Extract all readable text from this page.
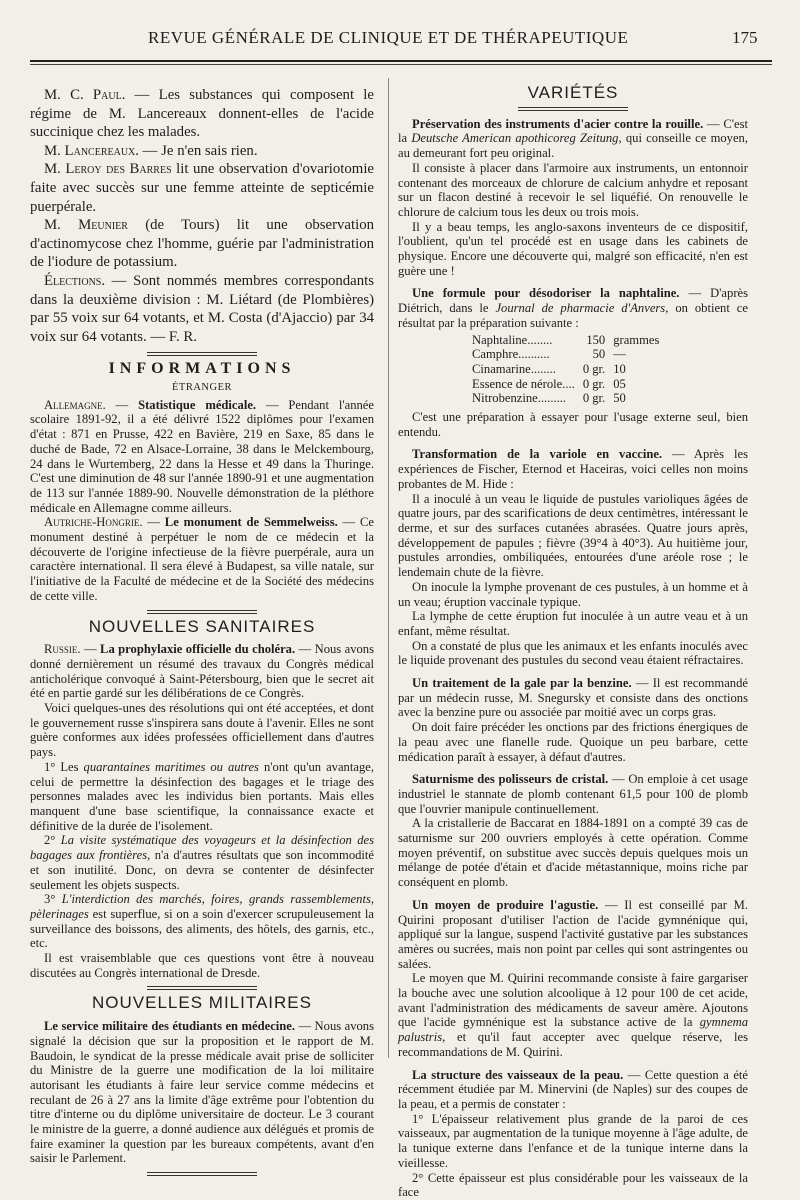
REVUE GÉNÉRALE DE CLINIQUE ET DE THÉRAPEUTIQUE	175

M. C. Paul. — Les substances qui composent le régime de M. Lancereaux donnent-elles de l'acide succinique chez les malades.

M. Lancereaux. — Je n'en sais rien.

M. Leroy des Barres lit une observation d'ovariotomie faite avec succès sur une femme atteinte de septicémie puerpérale.

M. Meunier (de Tours) lit une observation d'actinomycose chez l'homme, guérie par l'administration de l'iodure de potassium.

Élections. — Sont nommés membres correspondants dans la deuxième division : M. Liétard (de Plombières) par 55 voix sur 64 votants, et M. Costa (d'Ajaccio) par 34 voix sur 64 votants. — F. R.

INFORMATIONS
ÉTRANGER

Allemagne. — Statistique médicale. — Pendant l'année scolaire 1891-92, il a été délivré 1522 diplômes pour l'examen d'état : 871 en Prusse, 422 en Bavière, 219 en Saxe, 85 dans le duché de Bade, 72 en Alsace-Lorraine, 38 dans le Melckembourg, 24 dans le Wurtemberg, 22 dans la Hesse et 49 dans la Thuringe. C'est une diminution de 48 sur l'année 1890-91 et une augmentation de 113 sur l'année 1889-90. Nouvelle démonstration de la pléthore médicale en Allemagne comme ailleurs.

Autriche-Hongrie. — Le monument de Semmelweiss. — Ce monument destiné à perpétuer le nom de ce médecin et la découverte de l'origine infectieuse de la fièvre puerpérale, aura un caractère international. Il sera élevé à Budapest, sa ville natale, sur l'initiative de la Faculté de médecine et de la Société des médecins de cette ville.

NOUVELLES SANITAIRES

Russie. — La prophylaxie officielle du choléra. — Nous avons donné dernièrement un résumé des travaux du Congrès médical anticholérique convoqué à Saint-Pétersbourg, bien que le secret ait été en partie gardé sur les délibérations de ce Congrès.

Voici quelques-unes des résolutions qui ont été acceptées, et dont le gouvernement russe s'inspirera sans doute à l'avenir. Elles ne sont guère conformes aux idées professées officiellement dans d'autres pays.

1° Les quarantaines maritimes ou autres n'ont qu'un avantage, celui de permettre la désinfection des bagages et le triage des personnes malades avec les individus bien portants. Mais elles manquent d'une base scientifique, la connaissance exacte et définitive de la durée de l'isolement.

2° La visite systématique des voyageurs et la désinfection des bagages aux frontières, n'a d'autres résultats que son incommodité et son inutilité. Donc, on devra se contenter de désinfecter seulement les objets suspects.

3° L'interdiction des marchés, foires, grands rassemblements, pèlerinages est superflue, si on a soin d'exercer scrupuleusement la surveillance des boissons, des aliments, des hôtels, des garnis, etc., etc.

Il est vraisemblable que ces questions vont être à nouveau discutées au Congrès international de Dresde.

NOUVELLES MILITAIRES

Le service militaire des étudiants en médecine. — Nous avons signalé la décision que sur la proposition et le rapport de M. Baudoin, le syndicat de la presse médicale avait prise de solliciter du Ministre de la guerre une modification de la loi militaire autorisant les étudiants à faire leur service comme médecins et reculant de 26 à 27 ans la limite d'âge extrême pour l'obtention du titre d'interne ou du diplôme universitaire de docteur. Le 3 courant le ministre de la guerre, a donné audience aux délégués et promis de faire examiner la question par les bureaux compétents, avant d'en saisir le Parlement.

VARIÉTÉS

Préservation des instruments d'acier contre la rouille. — C'est la Deutsche American apothicoreg Zeitung, qui conseille ce moyen, au demeurant fort peu original.

Il consiste à placer dans l'armoire aux instruments, un entonnoir contenant des morceaux de chlorure de calcium anhydre et reposant sur un flacon destiné à recevoir le sel liquéfié. On renouvelle le chlorure de calcium tous les deux ou trois mois.

Il y a beau temps, les anglo-saxons inventeurs de ce dispositif, l'oublient, qu'un tel procédé est en usage dans les cabinets de physique. Encore une découverte qui, malgré son efficacité, n'en est guère une !

Une formule pour désodoriser la naphtaline. — D'après Diétrich, dans le Journal de pharmacie d'Anvers, on obtient ce résultat par la préparation suivante :

Naphtaline........	150	grammes
Camphre..........	50	—
Cinamarine........	0 gr.	10
Essence de nérole....	0 gr.	05
Nitrobenzine.........	0 gr.	50

C'est une préparation à essayer pour l'usage externe seul, bien entendu.

Transformation de la variole en vaccine. — Après les expériences de Fischer, Eternod et Haceiras, voici celles non moins probantes de M. Hide :

Il a inoculé à un veau le liquide de pustules varioliques âgées de quatre jours, par des scarifications de deux centimètres, intéressant le derme, et sur des surfaces cutanées abrasées. Quatre jours après, développement de papules ; fièvre (39°4 à 40°3). Au huitième jour, pustules arrondies, ombiliquées, entourées d'une aréole rose ; le lendemain chute de la fièvre.

On inocule la lymphe provenant de ces pustules, à un homme et à un veau; éruption vaccinale typique.

La lymphe de cette éruption fut inoculée à un autre veau et à un enfant, même résultat.

On a constaté de plus que les animaux et les enfants inoculés avec le liquide provenant des pustules du second veau étaient réfractaires.

Un traitement de la gale par la benzine. — Il est recommandé par un médecin russe, M. Snegursky et consiste dans des onctions avec la benzine pure ou associée par moitié avec un corps gras.

On doit faire précéder les onctions par des frictions énergiques de la peau avec une flanelle rude. Quoique un peu barbare, cette médication paraît à essayer, à défaut d'autres.

Saturnisme des polisseurs de cristal. — On emploie à cet usage industriel le stannate de plomb contenant 61,5 pour 100 de plomb que l'ouvrier manipule continuellement.

A la cristallerie de Baccarat en 1884-1891 on a compté 39 cas de saturnisme sur 200 ouvriers employés à cette opération. Comme moyen préventif, on substitue avec succès depuis quelques mois un mélange de potée d'étain et d'acide métastannique, moins riche par conséquent en plomb.

Un moyen de produire l'agustie. — Il est conseillé par M. Quirini proposant d'utiliser l'action de l'acide gymnénique qui, appliqué sur la langue, suspend l'activité gustative par les substances amères ou sucrées, mais non point par celles qui sont astringentes ou salées.

Le moyen que M. Quirini recommande consiste à faire gargariser la bouche avec une solution alcoolique à 12 pour 100 de cet acide, avant l'administration des médicaments de saveur amère. Ajoutons que l'acide gymnénique est la substance active de la gymnema palustris, et qu'il faut accepter avec quelque réserve, les recommandations de M. Quirini.

La structure des vaisseaux de la peau. — Cette question a été récemment étudiée par M. Minervini (de Naples) sur des coupes de la peau, et a permis de constater :

1° L'épaisseur relativement plus grande de la paroi de ces vaisseaux, par augmentation de la tunique moyenne à l'âge adulte, de la tunique externe dans l'enfance et de la tunique interne dans la vieillesse.

2° Cette épaisseur est plus considérable pour les vaisseaux de la face
